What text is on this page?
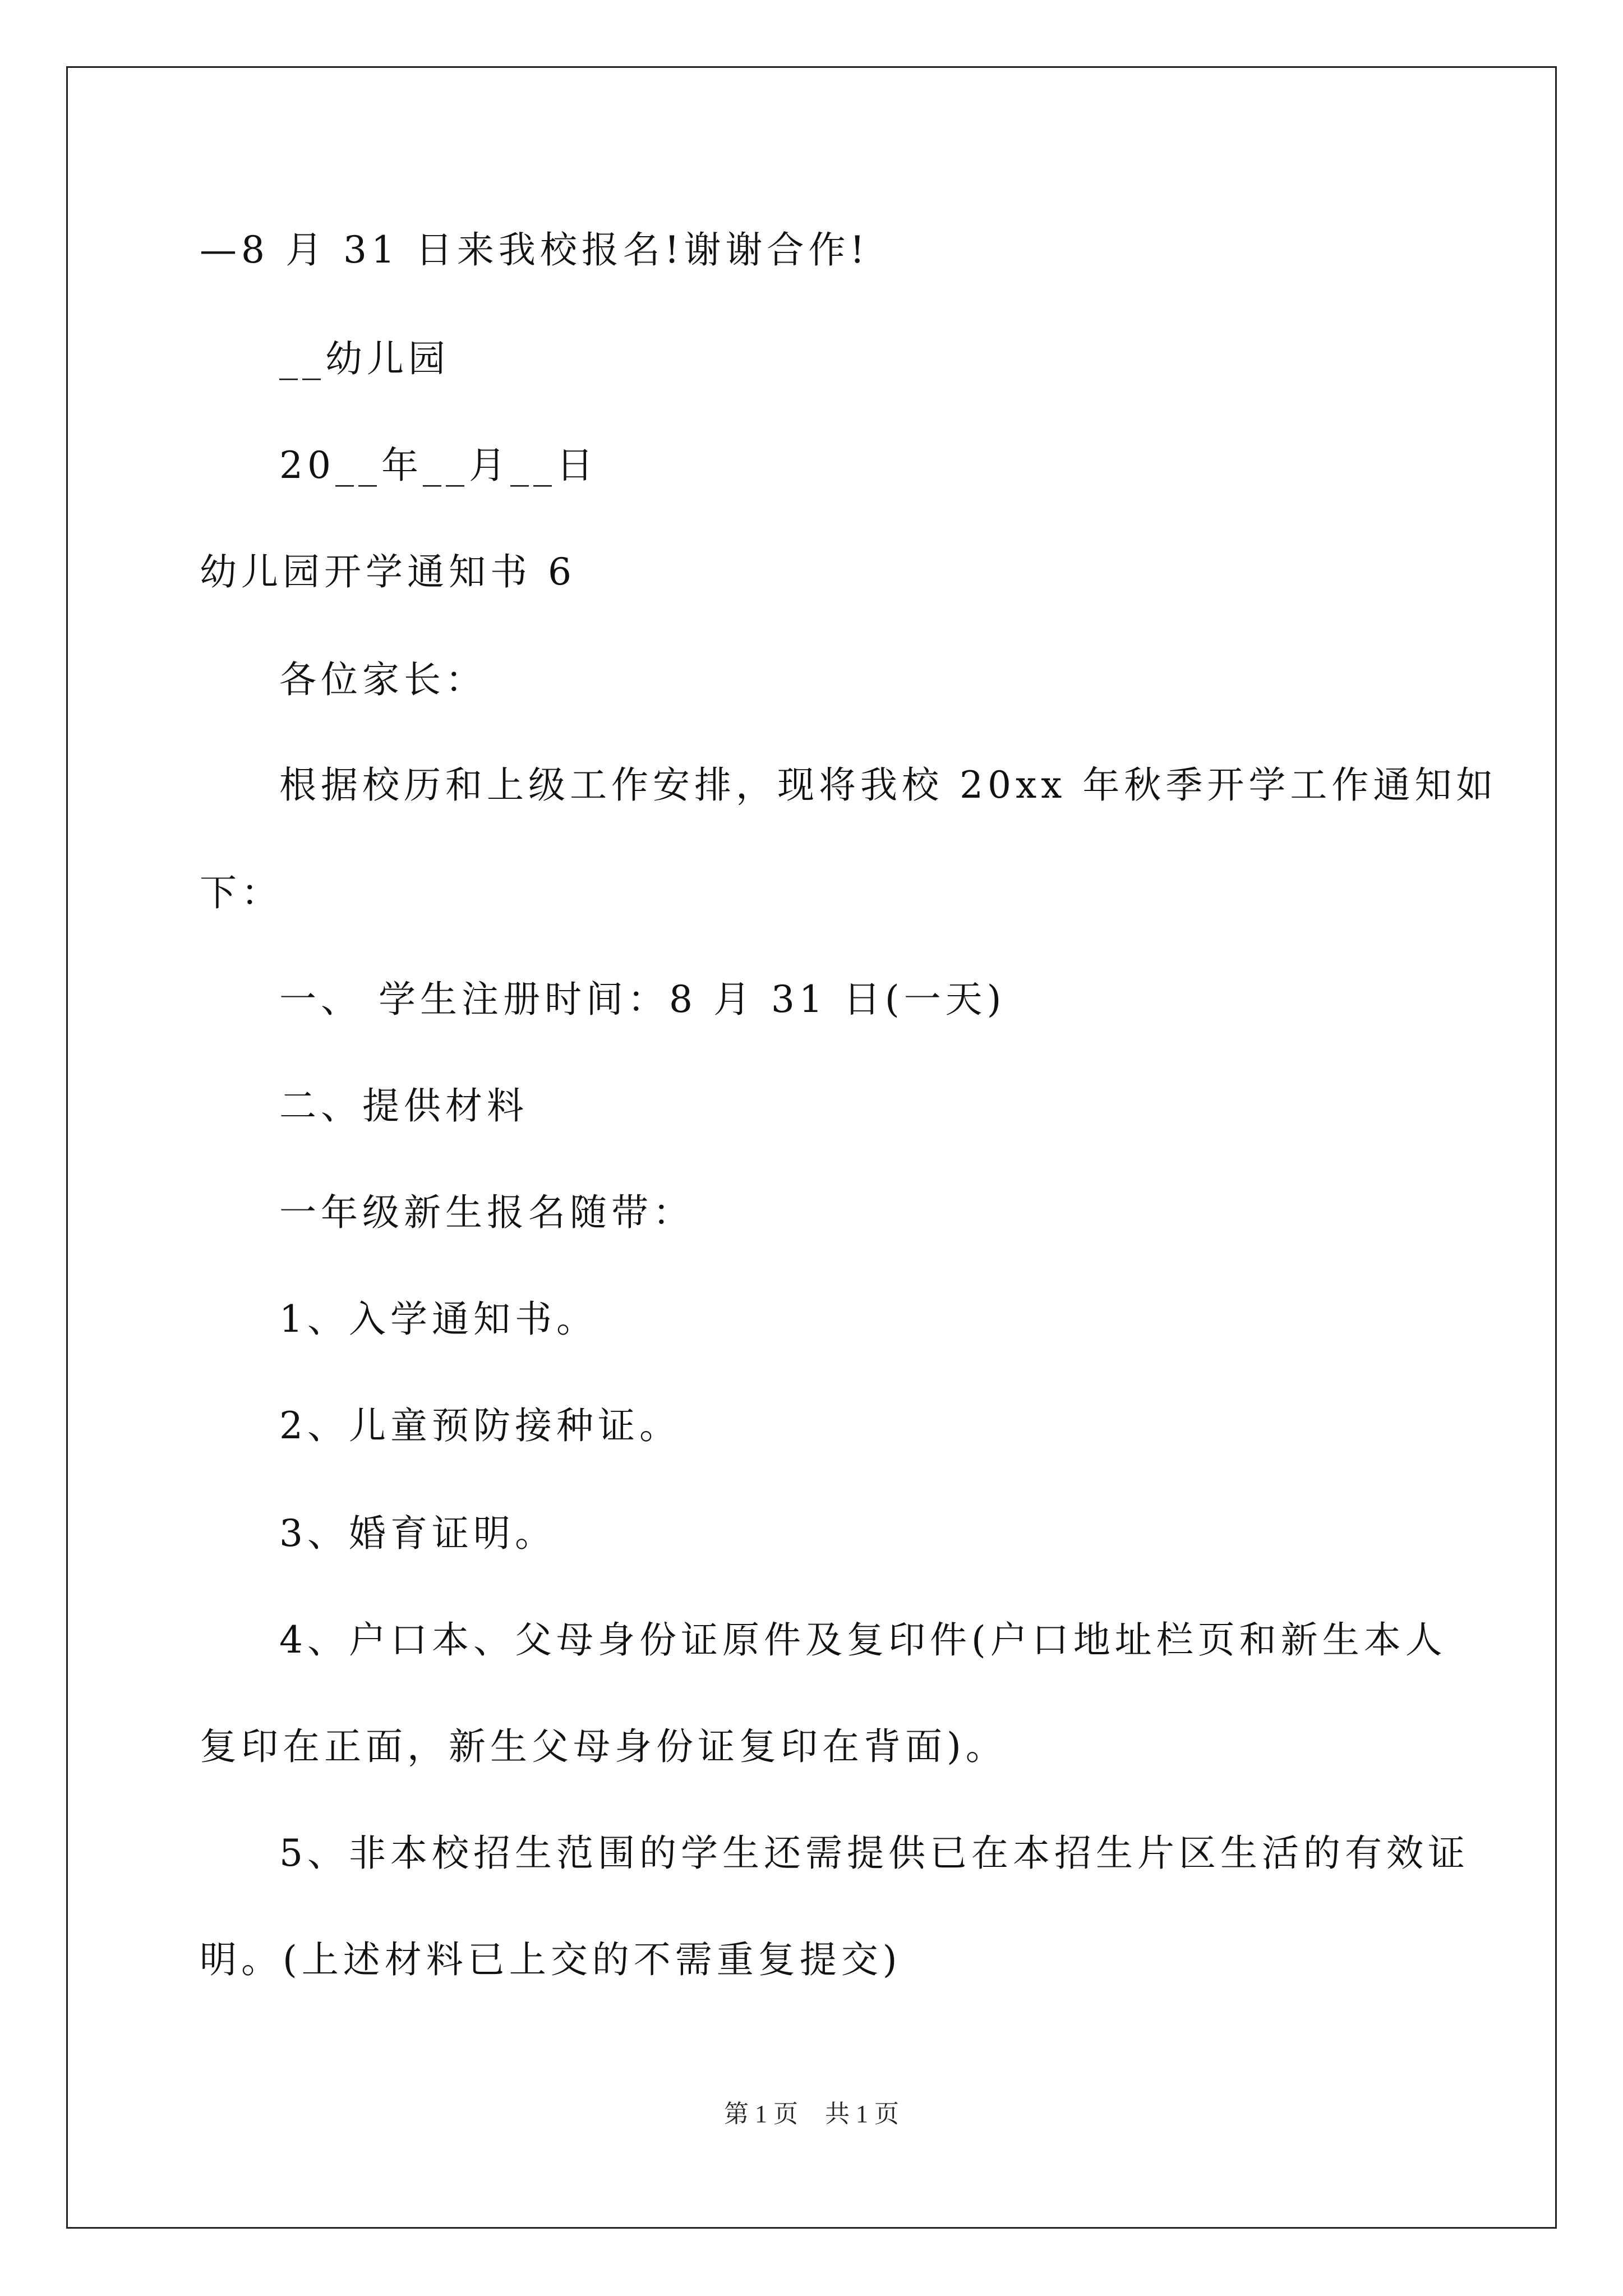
—8 月 31 日来我校报名!谢谢合作!
__幼儿园
20__年__月__日
幼儿园开学通知书 6
各位家长：
根据校历和上级工作安排，现将我校 20xx 年秋季开学工作通知如
下：
一、 学生注册时间：8 月 31 日(一天)
二、提供材料
一年级新生报名随带：
1、入学通知书。
2、儿童预防接种证。
3、婚育证明。
4、户口本、父母身份证原件及复印件(户口地址栏页和新生本人
复印在正面，新生父母身份证复印在背面)。
5、非本校招生范围的学生还需提供已在本招生片区生活的有效证
明。(上述材料已上交的不需重复提交)
第 1 页 共 1 页
